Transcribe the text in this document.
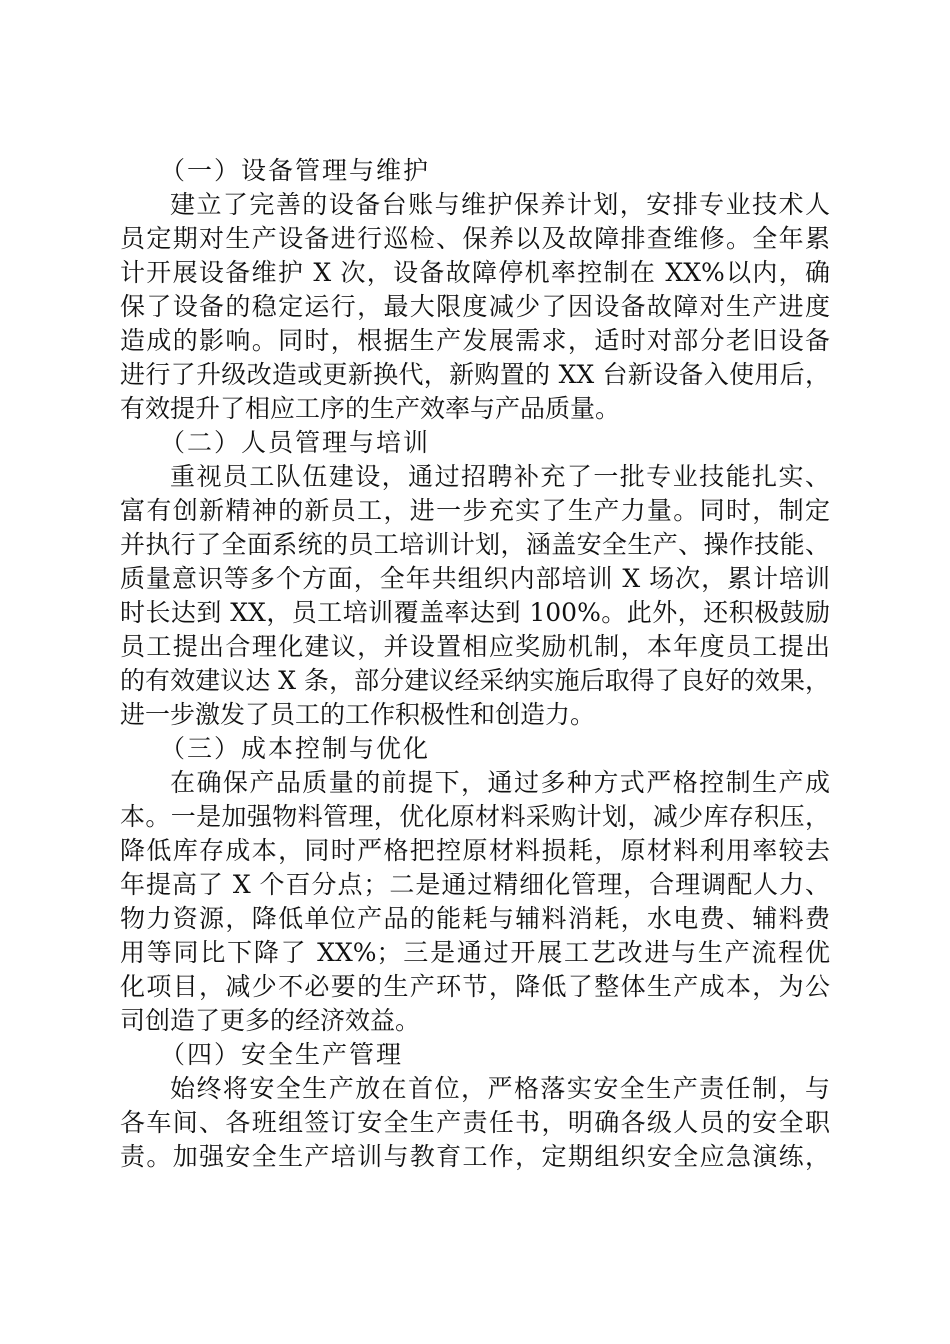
（一）设备管理与维护
建立了完善的设备台账与维护保养计划，安排专业技术人
员定期对生产设备进行巡检、保养以及故障排查维修。全年累
计开展设备维护 X 次，设备故障停机率控制在 XX%以内，确
保了设备的稳定运行，最大限度减少了因设备故障对生产进度
造成的影响。同时，根据生产发展需求，适时对部分老旧设备
进行了升级改造或更新换代，新购置的 XX 台新设备入使用后，
有效提升了相应工序的生产效率与产品质量。
（二）人员管理与培训
重视员工队伍建设，通过招聘补充了一批专业技能扎实、
富有创新精神的新员工，进一步充实了生产力量。同时，制定
并执行了全面系统的员工培训计划，涵盖安全生产、操作技能、
质量意识等多个方面，全年共组织内部培训 X 场次，累计培训
时长达到 XX，员工培训覆盖率达到 100%。此外，还积极鼓励
员工提出合理化建议，并设置相应奖励机制，本年度员工提出
的有效建议达 X 条，部分建议经采纳实施后取得了良好的效果，
进一步激发了员工的工作积极性和创造力。
（三）成本控制与优化
在确保产品质量的前提下，通过多种方式严格控制生产成
本。一是加强物料管理，优化原材料采购计划，减少库存积压，
降低库存成本，同时严格把控原材料损耗，原材料利用率较去
年提高了 X 个百分点；二是通过精细化管理，合理调配人力、
物力资源，降低单位产品的能耗与辅料消耗，水电费、辅料费
用等同比下降了 XX%；三是通过开展工艺改进与生产流程优
化项目，减少不必要的生产环节，降低了整体生产成本，为公
司创造了更多的经济效益。
（四）安全生产管理
始终将安全生产放在首位，严格落实安全生产责任制，与
各车间、各班组签订安全生产责任书，明确各级人员的安全职
责。加强安全生产培训与教育工作，定期组织安全应急演练，
